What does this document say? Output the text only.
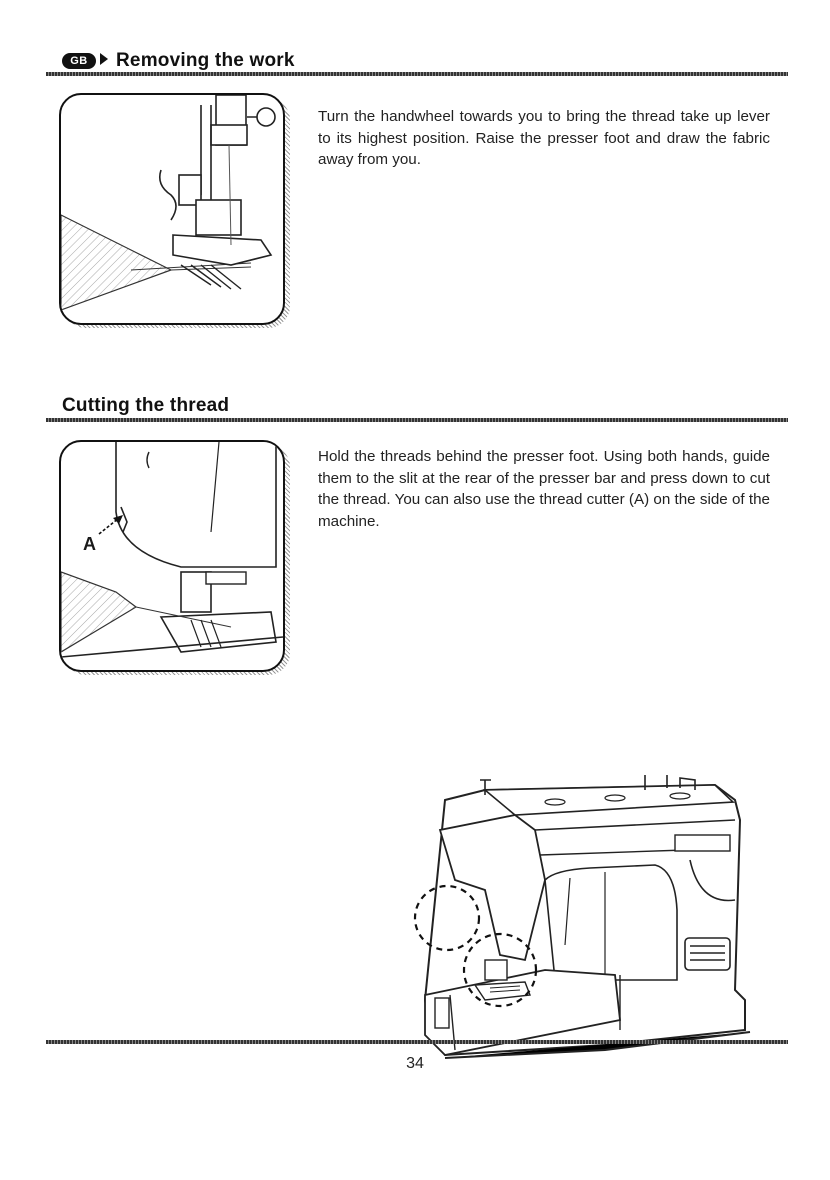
GB Removing the work
Turn the handwheel towards you to bring the thread take up lever to its highest position. Raise the presser foot and draw the fabric away from you.
Cutting the thread
A
Hold the threads behind the presser foot. Using both hands, guide them to the slit at the rear of the presser bar and press down to cut the thread. You can also use the thread cutter (A) on the side of the machine.
34
